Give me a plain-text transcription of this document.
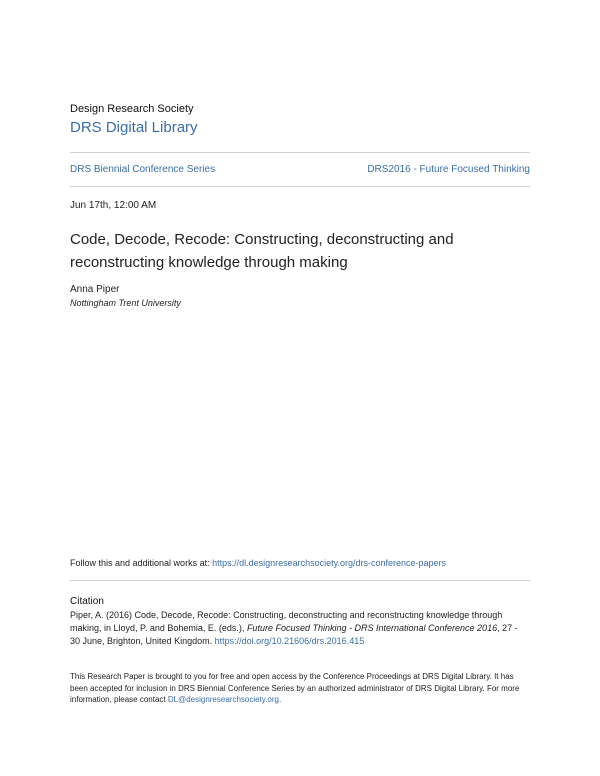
Design Research Society
DRS Digital Library
DRS Biennial Conference Series	DRS2016 - Future Focused Thinking
Jun 17th, 12:00 AM
Code, Decode, Recode: Constructing, deconstructing and reconstructing knowledge through making
Anna Piper
Nottingham Trent University
Follow this and additional works at: https://dl.designresearchsociety.org/drs-conference-papers
Citation
Piper, A. (2016) Code, Decode, Recode: Constructing, deconstructing and reconstructing knowledge through making, in Lloyd, P. and Bohemia, E. (eds.), Future Focused Thinking - DRS International Conference 2016, 27 - 30 June, Brighton, United Kingdom. https://doi.org/10.21606/drs.2016.415
This Research Paper is brought to you for free and open access by the Conference Proceedings at DRS Digital Library. It has been accepted for inclusion in DRS Biennial Conference Series by an authorized administrator of DRS Digital Library. For more information, please contact DL@designresearchsociety.org.
